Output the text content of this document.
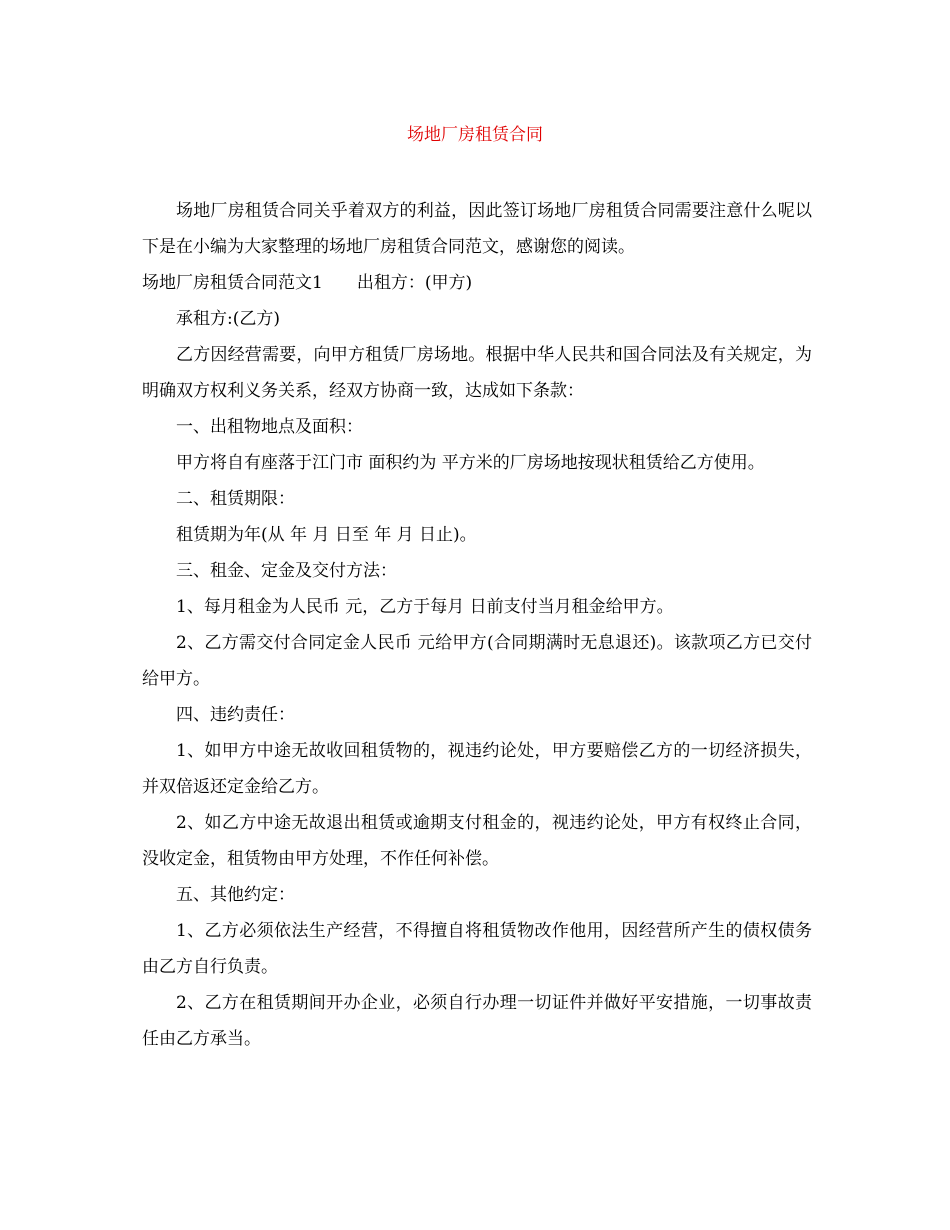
场地厂房租赁合同

场地厂房租赁合同关乎着双方的利益，因此签订场地厂房租赁合同需要注意什么呢以下是在小编为大家整理的场地厂房租赁合同范文，感谢您的阅读。

场地厂房租赁合同范文1 出租方：(甲方)

承租方:(乙方)

乙方因经营需要，向甲方租赁厂房场地。根据中华人民共和国合同法及有关规定，为明确双方权利义务关系，经双方协商一致，达成如下条款：

一、出租物地点及面积：

甲方将自有座落于江门市 面积约为 平方米的厂房场地按现状租赁给乙方使用。

二、租赁期限：

租赁期为年(从 年 月 日至 年 月 日止)。

三、租金、定金及交付方法：

1、每月租金为人民币 元，乙方于每月 日前支付当月租金给甲方。

2、乙方需交付合同定金人民币 元给甲方(合同期满时无息退还)。该款项乙方已交付给甲方。

四、违约责任：

1、如甲方中途无故收回租赁物的，视违约论处，甲方要赔偿乙方的一切经济损失，并双倍返还定金给乙方。

2、如乙方中途无故退出租赁或逾期支付租金的，视违约论处，甲方有权终止合同，没收定金，租赁物由甲方处理，不作任何补偿。

五、其他约定：

1、乙方必须依法生产经营，不得擅自将租赁物改作他用，因经营所产生的债权债务由乙方自行负责。

2、乙方在租赁期间开办企业，必须自行办理一切证件并做好平安措施，一切事故责任由乙方承当。
